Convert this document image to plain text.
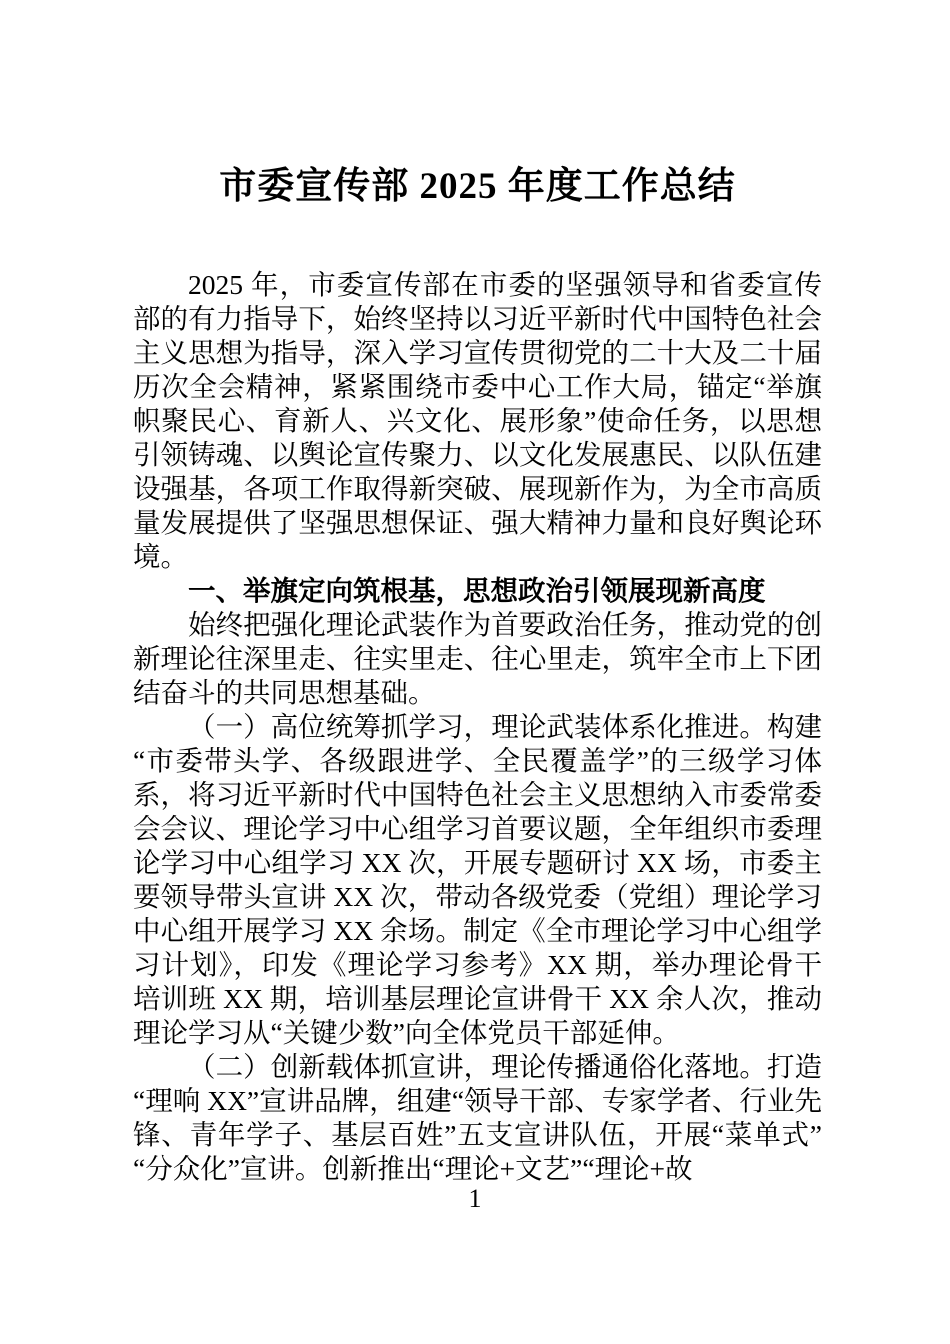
市委宣传部 2025 年度工作总结

2025 年，市委宣传部在市委的坚强领导和省委宣传部的有力指导下，始终坚持以习近平新时代中国特色社会主义思想为指导，深入学习宣传贯彻党的二十大及二十届历次全会精神，紧紧围绕市委中心工作大局，锚定“举旗帜聚民心、育新人、兴文化、展形象”使命任务，以思想引领铸魂、以舆论宣传聚力、以文化发展惠民、以队伍建设强基，各项工作取得新突破、展现新作为，为全市高质量发展提供了坚强思想保证、强大精神力量和良好舆论环境。

一、举旗定向筑根基，思想政治引领展现新高度

始终把强化理论武装作为首要政治任务，推动党的创新理论往深里走、往实里走、往心里走，筑牢全市上下团结奋斗的共同思想基础。

（一）高位统筹抓学习，理论武装体系化推进。构建“市委带头学、各级跟进学、全民覆盖学”的三级学习体系，将习近平新时代中国特色社会主义思想纳入市委常委会会议、理论学习中心组学习首要议题，全年组织市委理论学习中心组学习 XX 次，开展专题研讨 XX 场，市委主要领导带头宣讲 XX 次，带动各级党委（党组）理论学习中心组开展学习 XX 余场。制定《全市理论学习中心组学习计划》，印发《理论学习参考》XX 期，举办理论骨干培训班 XX 期，培训基层理论宣讲骨干 XX 余人次，推动理论学习从“关键少数”向全体党员干部延伸。

（二）创新载体抓宣讲，理论传播通俗化落地。打造“理响 XX”宣讲品牌，组建“领导干部、专家学者、行业先锋、青年学子、基层百姓”五支宣讲队伍，开展“菜单式”“分众化”宣讲。创新推出“理论+文艺”“理论+故

1
